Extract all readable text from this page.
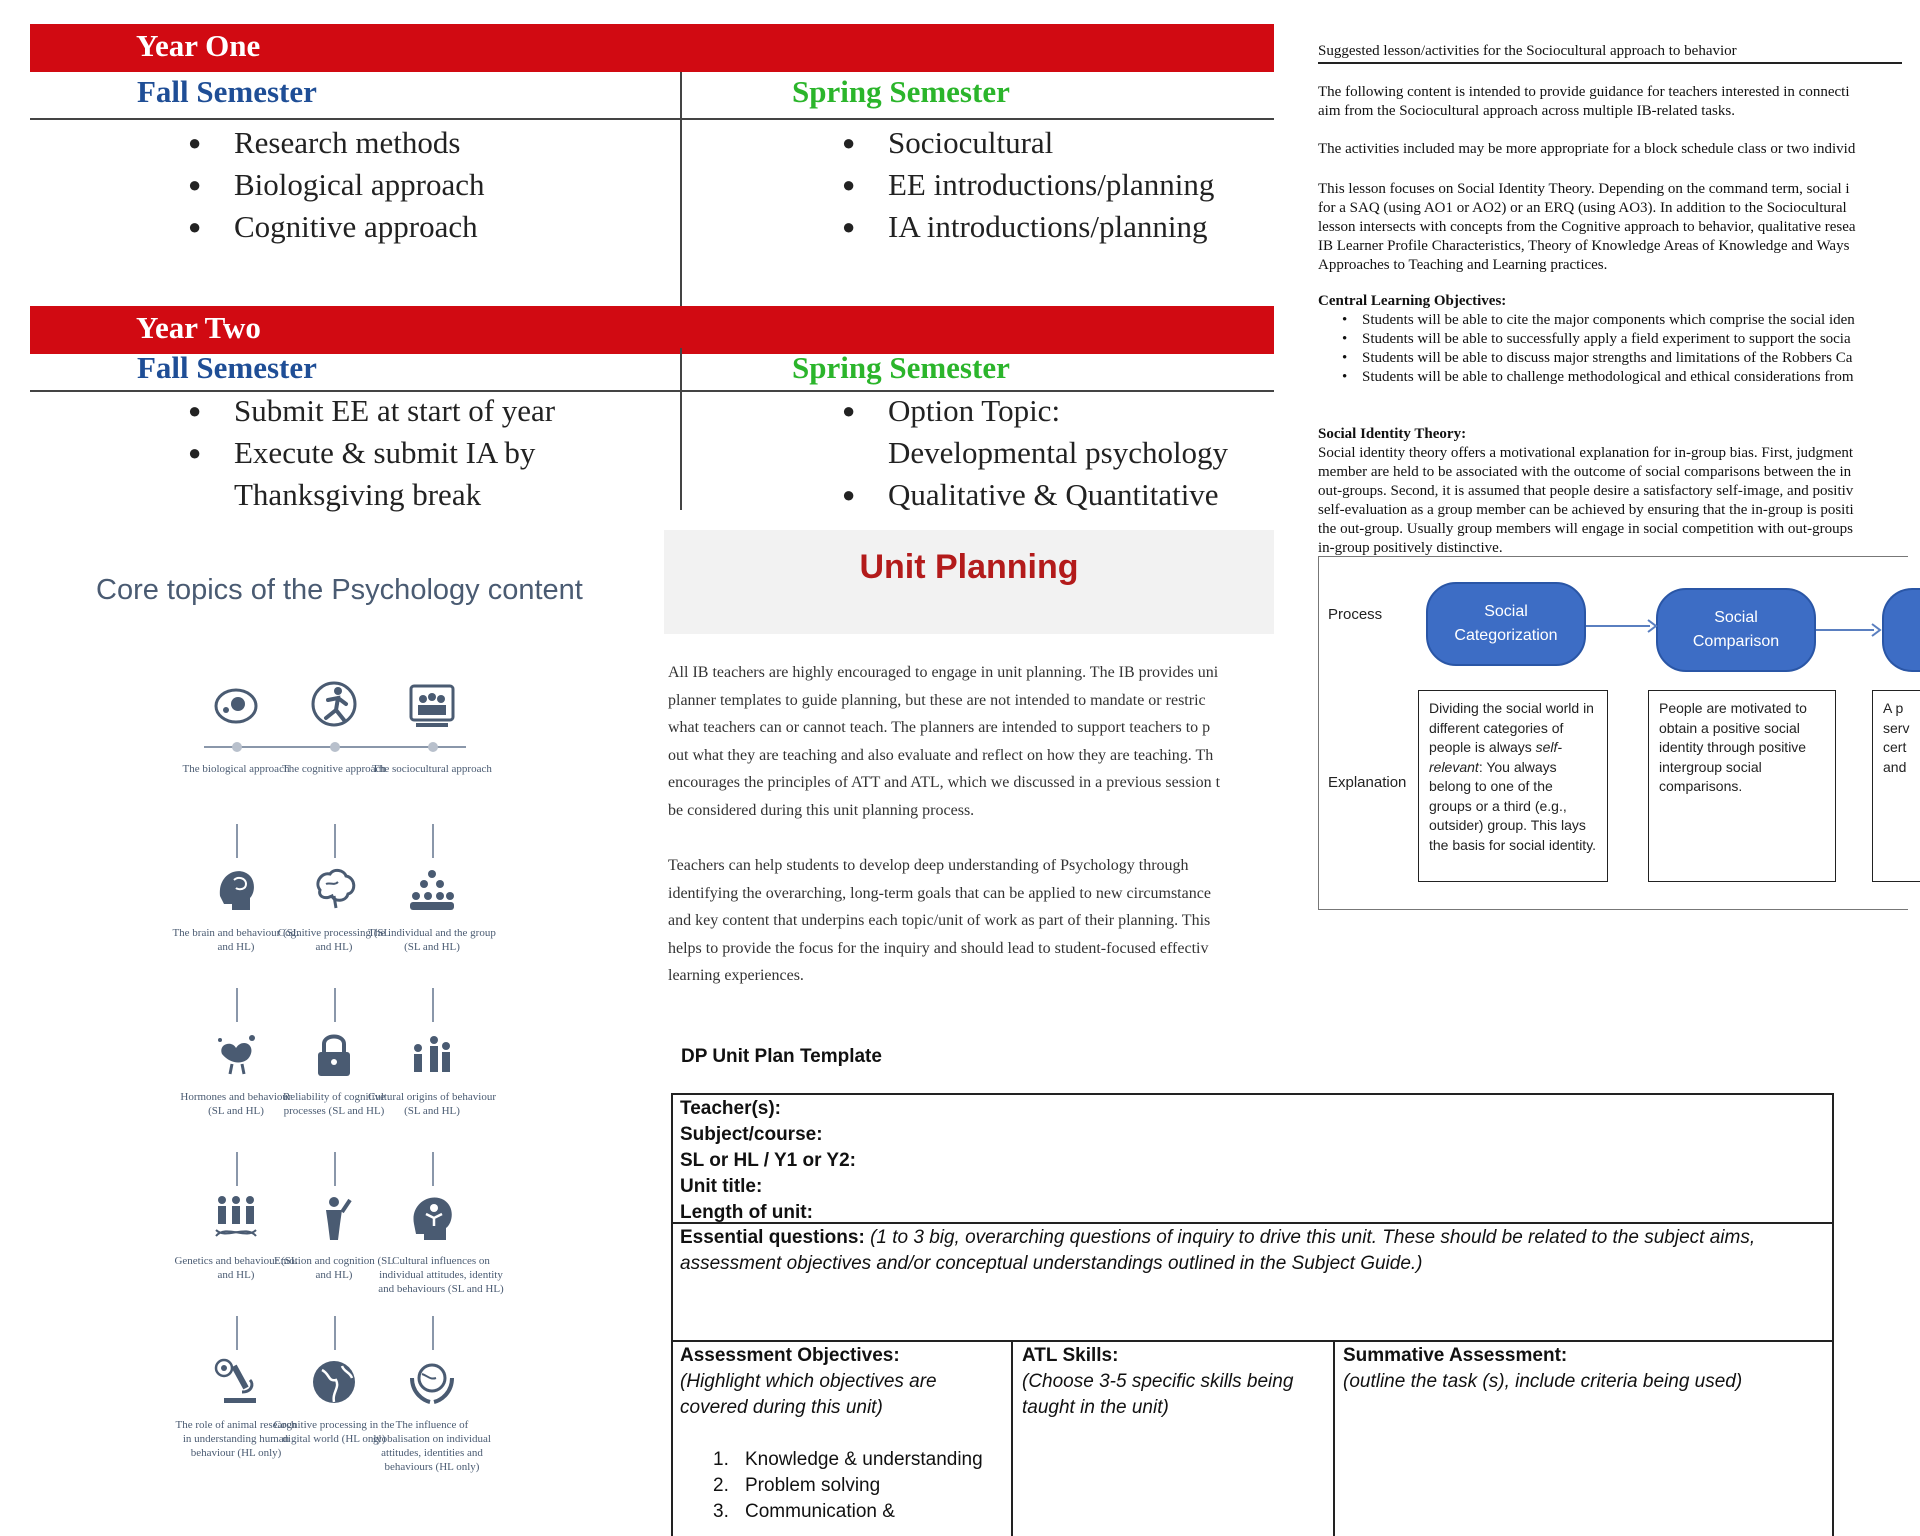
Year One
Fall Semester	Spring Semester
● Research methods
● Biological approach
● Cognitive approach
● Sociocultural
● EE introductions/planning
● IA introductions/planning
Year Two
Fall Semester	Spring Semester
● Submit EE at start of year
● Execute & submit IA by
Thanksgiving break
● Option Topic:
Developmental psychology
● Qualitative & Quantitative
Core topics of the Psychology content
The biological approach
The cognitive approach
The sociocultural approach
The brain and behaviour (SL and HL)
Cognitive processing (SL and HL)
The individual and the group (SL and HL)
Hormones and behaviour (SL and HL)
Reliability of cognitive processes (SL and HL)
Cultural origins of behaviour (SL and HL)
Genetics and behaviour (SL and HL)
Emotion and cognition (SL and HL)
Cultural influences on individual attitudes, identity and behaviours (SL and HL)
The role of animal research in understanding human behaviour (HL only)
Cognitive processing in the digital world (HL only)
The influence of globalisation on individual attitudes, identities and behaviours (HL only)
Unit Planning
All IB teachers are highly encouraged to engage in unit planning. The IB provides uni
planner templates to guide planning, but these are not intended to mandate or restric
what teachers can or cannot teach. The planners are intended to support teachers to p
out what they are teaching and also evaluate and reflect on how they are teaching. Th
encourages the principles of ATT and ATL, which we discussed in a previous session t
be considered during this unit planning process.
Teachers can help students to develop deep understanding of Psychology through
identifying the overarching, long-term goals that can be applied to new circumstance
and key content that underpins each topic/unit of work as part of their planning. This
helps to provide the focus for the inquiry and should lead to student-focused effectiv
learning experiences.
DP Unit Plan Template
Teacher(s):
Subject/course:
SL or HL / Y1 or Y2:
Unit title:
Length of unit:
Essential questions: (1 to 3 big, overarching questions of inquiry to drive this unit. These should be related to the subject aims,
assessment objectives and/or conceptual understandings outlined in the Subject Guide.)
Assessment Objectives:
(Highlight which objectives are
covered during this unit)
1. Knowledge & understanding
2. Problem solving
3. Communication &
ATL Skills:
(Choose 3-5 specific skills being
taught in the unit)
Summative Assessment:
(outline the task (s), include criteria being used)
Suggested lesson/activities for the Sociocultural approach to behavior
The following content is intended to provide guidance for teachers interested in connecti
aim from the Sociocultural approach across multiple IB-related tasks.
The activities included may be more appropriate for a block schedule class or two individ
This lesson focuses on Social Identity Theory. Depending on the command term, social i
for a SAQ (using AO1 or AO2) or an ERQ (using AO3). In addition to the Sociocultural
lesson intersects with concepts from the Cognitive approach to behavior, qualitative resea
IB Learner Profile Characteristics, Theory of Knowledge Areas of Knowledge and Ways
Approaches to Teaching and Learning practices.
Central Learning Objectives:
• Students will be able to cite the major components which comprise the social iden
• Students will be able to successfully apply a field experiment to support the socia
• Students will be able to discuss major strengths and limitations of the Robbers Ca
• Students will be able to challenge methodological and ethical considerations from
Social Identity Theory:
Social identity theory offers a motivational explanation for in-group bias. First, judgment
member are held to be associated with the outcome of social comparisons between the in
out-groups. Second, it is assumed that people desire a satisfactory self-image, and positiv
self-evaluation as a group member can be achieved by ensuring that the in-group is positi
the out-group. Usually group members will engage in social competition with out-groups
in-group positively distinctive.
Process
Explanation
Social
Categorization
Social
Comparison
Dividing the social world in different categories of people is always self-relevant: You always belong to one of the groups or a third (e.g., outsider) group. This lays the basis for social identity.
People are motivated to obtain a positive social identity through positive intergroup social comparisons.
A p
serv
cert
and
